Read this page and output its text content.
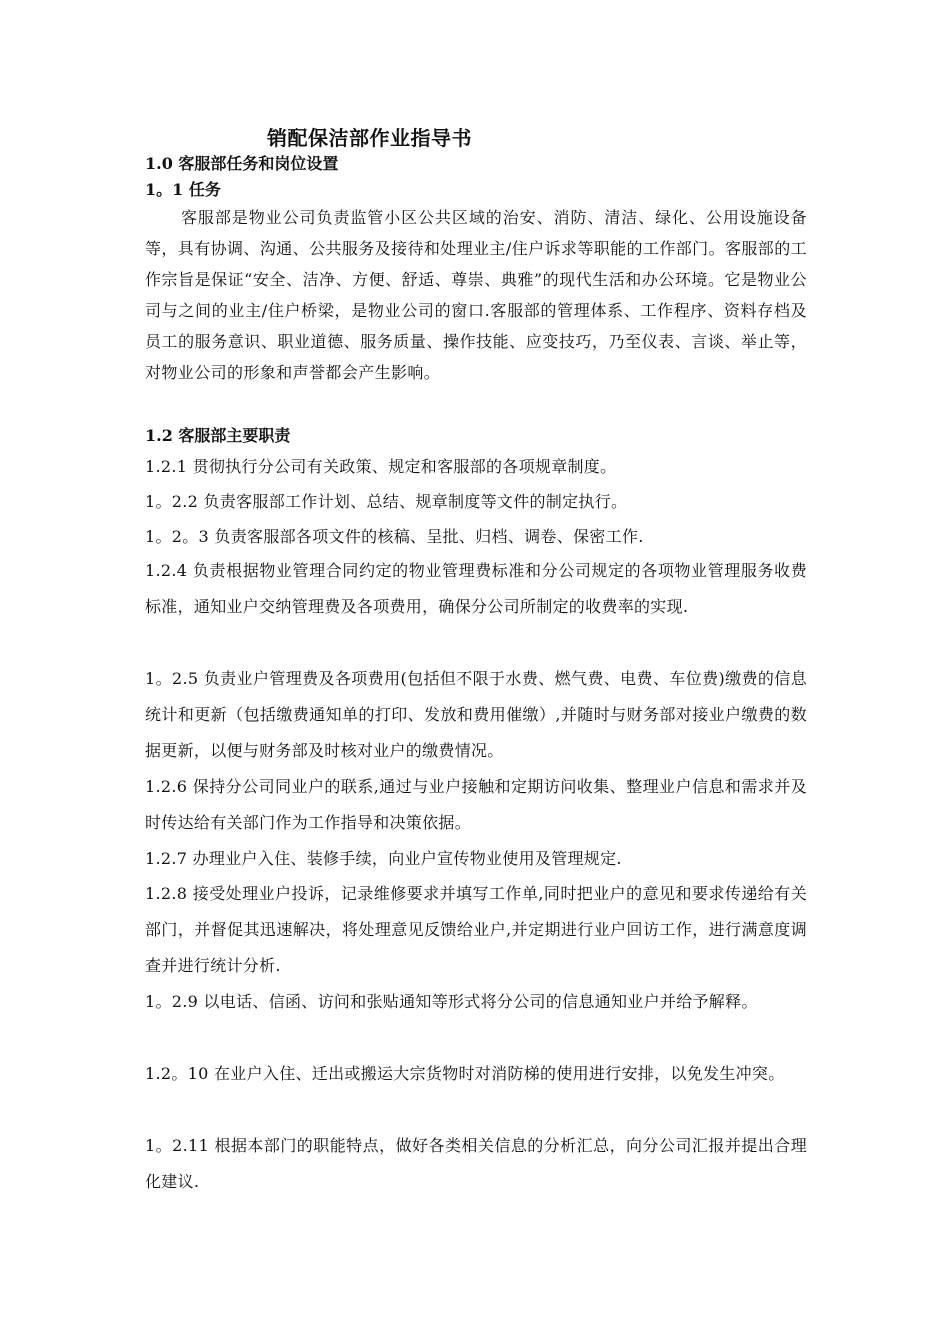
销配保洁部作业指导书
1.0 客服部任务和岗位设置
1。1 任务
客服部是物业公司负责监管小区公共区域的治安、消防、清洁、绿化、公用设施设备等，具有协调、沟通、公共服务及接待和处理业主/住户诉求等职能的工作部门。客服部的工作宗旨是保证“安全、洁净、方便、舒适、尊崇、典雅”的现代生活和办公环境。它是物业公司与之间的业主/住户桥梁，是物业公司的窗口.客服部的管理体系、工作程序、资料存档及员工的服务意识、职业道德、服务质量、操作技能、应变技巧，乃至仪表、言谈、举止等，对物业公司的形象和声誉都会产生影响。
1.2 客服部主要职责
1.2.1 贯彻执行分公司有关政策、规定和客服部的各项规章制度。
1。2.2 负责客服部工作计划、总结、规章制度等文件的制定执行。
1。2。3 负责客服部各项文件的核稿、呈批、归档、调卷、保密工作.
1.2.4 负责根据物业管理合同约定的物业管理费标准和分公司规定的各项物业管理服务收费标准，通知业户交纳管理费及各项费用，确保分公司所制定的收费率的实现.
1。2.5 负责业户管理费及各项费用(包括但不限于水费、燃气费、电费、车位费)缴费的信息统计和更新（包括缴费通知单的打印、发放和费用催缴）,并随时与财务部对接业户缴费的数据更新，以便与财务部及时核对业户的缴费情况。
1.2.6 保持分公司同业户的联系,通过与业户接触和定期访问收集、整理业户信息和需求并及时传达给有关部门作为工作指导和决策依据。
1.2.7 办理业户入住、装修手续，向业户宣传物业使用及管理规定.
1.2.8 接受处理业户投诉，记录维修要求并填写工作单,同时把业户的意见和要求传递给有关部门，并督促其迅速解决，将处理意见反馈给业户,并定期进行业户回访工作，进行满意度调查并进行统计分析.
1。2.9 以电话、信函、访问和张贴通知等形式将分公司的信息通知业户并给予解释。
1.2。10 在业户入住、迁出或搬运大宗货物时对消防梯的使用进行安排，以免发生冲突。
1。2.11 根据本部门的职能特点，做好各类相关信息的分析汇总，向分公司汇报并提出合理化建议.
